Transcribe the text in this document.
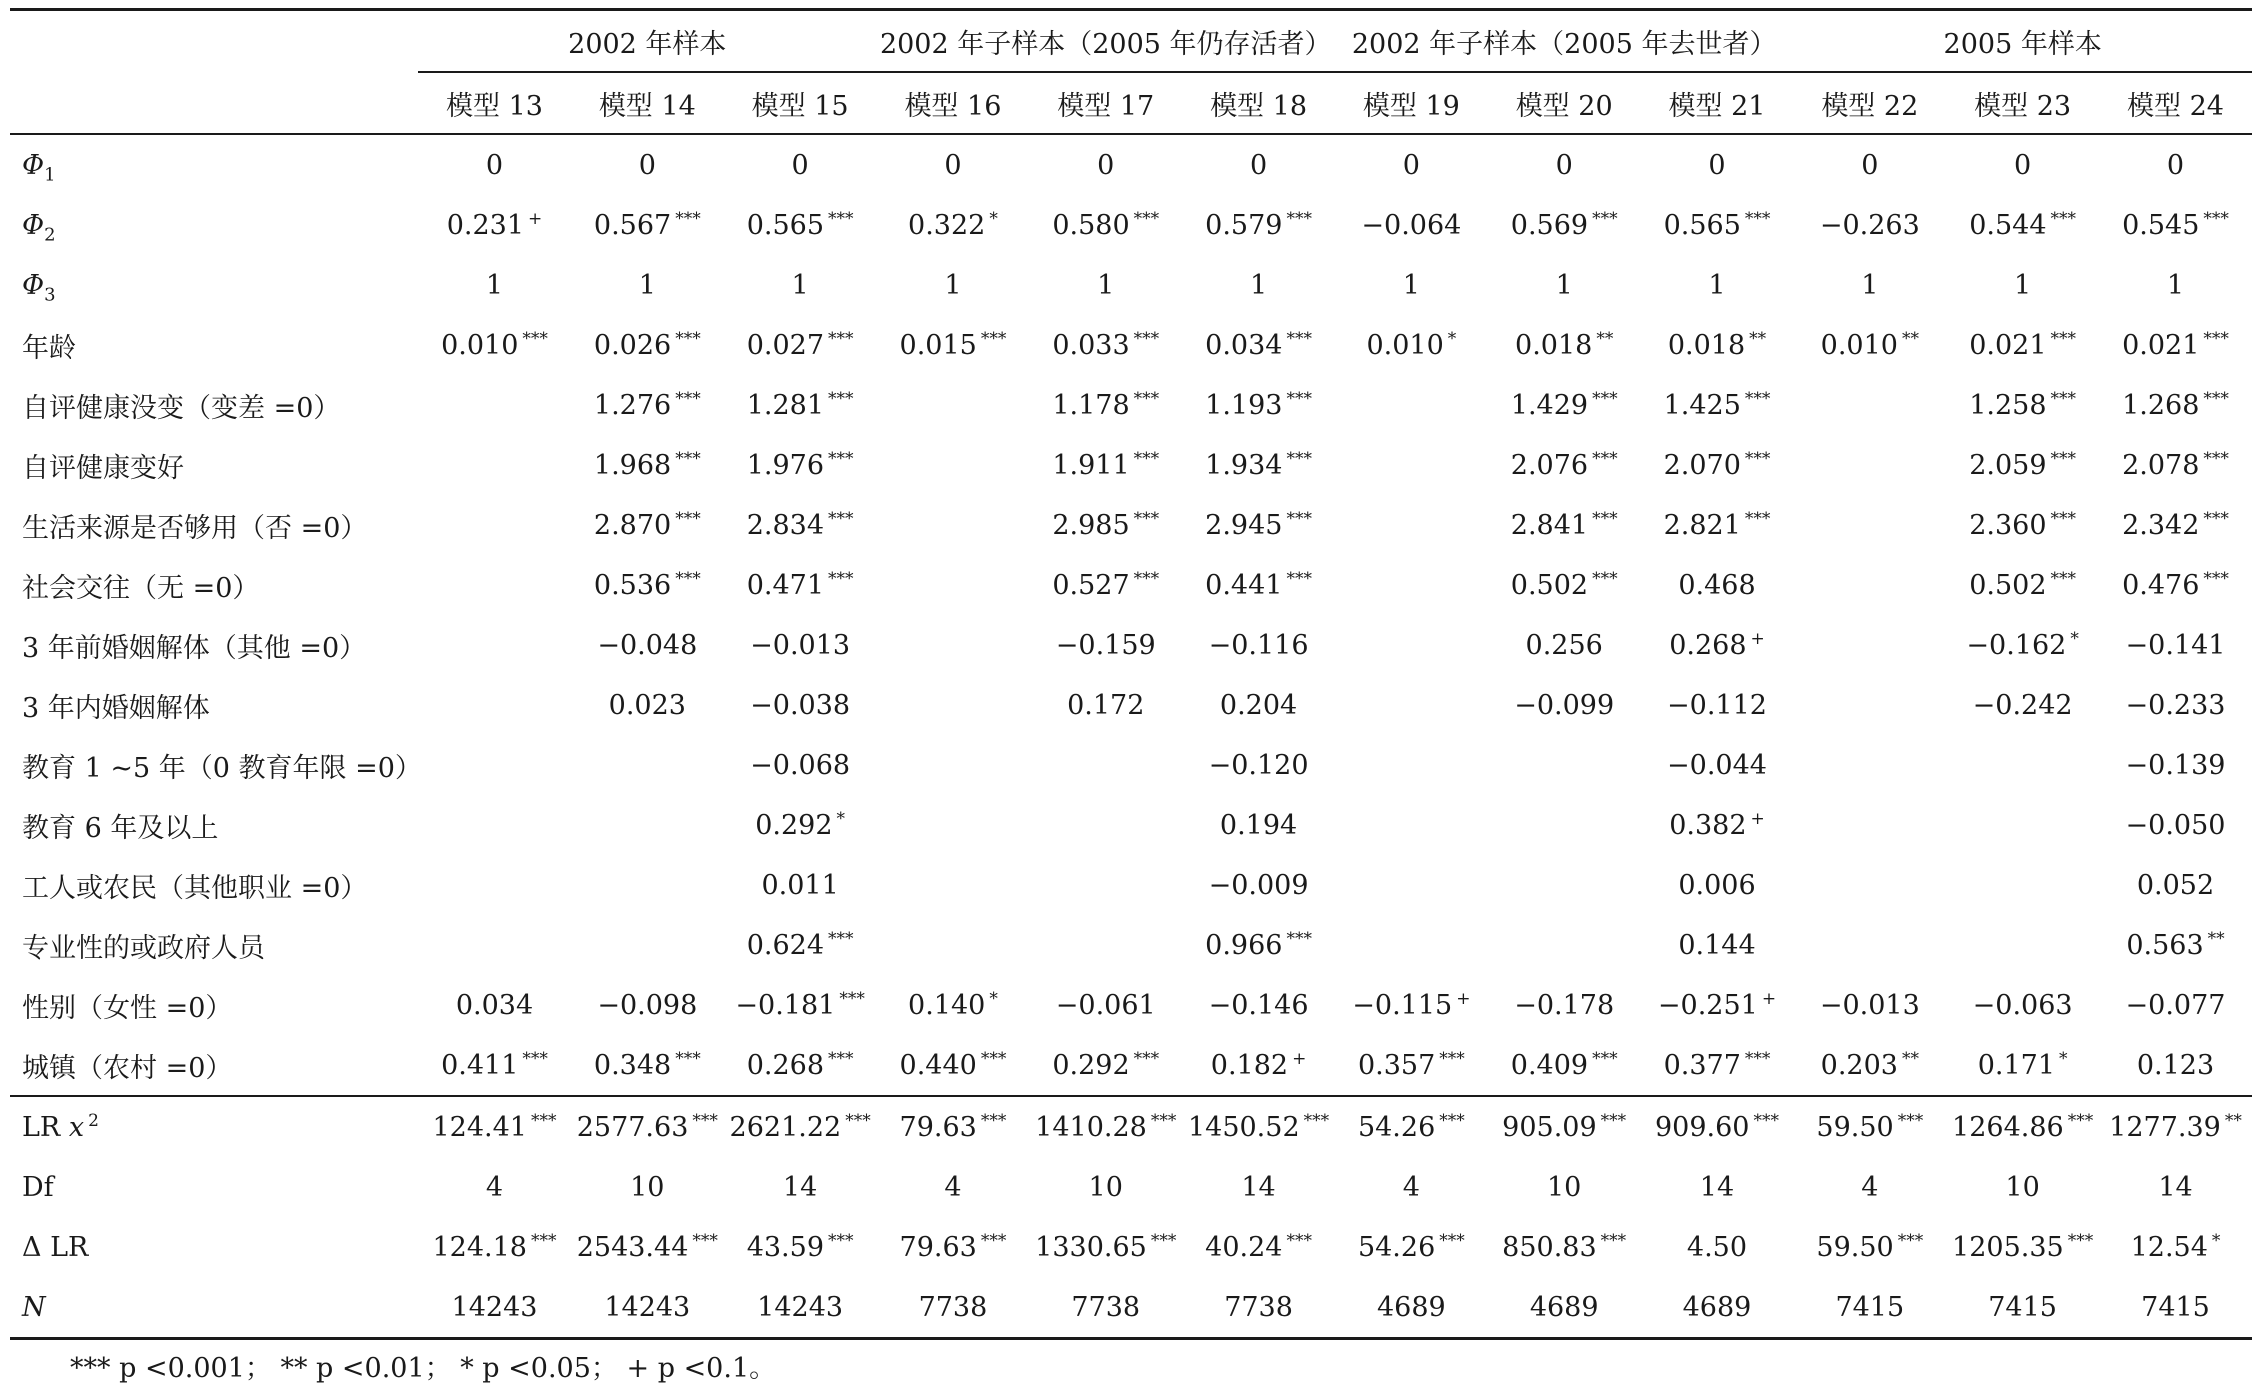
	2002 年样本			2002 年子样本（2005 年仍存活者）			2002 年子样本（2005 年去世者）			2005 年样本		
	模型 13	模型 14	模型 15	模型 16	模型 17	模型 18	模型 19	模型 20	模型 21	模型 22	模型 23	模型 24
$\Phi_1$	0	0	0	0	0	0	0	0	0	0	0	0
$\Phi_2$	0.231 +	0.567 ***	0.565 ***	0.322 *	0.580 ***	0.579 ***	−0.064	0.569 ***	0.565 ***	−0.263	0.544 ***	0.545 ***
$\Phi_3$	1	1	1	1	1	1	1	1	1	1	1	1
年龄	0.010 ***	0.026 ***	0.027 ***	0.015 ***	0.033 ***	0.034 ***	0.010 *	0.018 **	0.018 **	0.010 **	0.021 ***	0.021 ***
自评健康没变（变差 =0）		1.276 ***	1.281 ***		1.178 ***	1.193 ***		1.429 ***	1.425 ***		1.258 ***	1.268 ***
自评健康变好		1.968 ***	1.976 ***		1.911 ***	1.934 ***		2.076 ***	2.070 ***		2.059 ***	2.078 ***
生活来源是否够用（否 =0）		2.870 ***	2.834 ***		2.985 ***	2.945 ***		2.841 ***	2.821 ***		2.360 ***	2.342 ***
社会交往（无 =0）		0.536 ***	0.471 ***		0.527 ***	0.441 ***		0.502 ***	0.468		0.502 ***	0.476 ***
3 年前婚姻解体（其他 =0）		−0.048	−0.013		−0.159	−0.116		0.256	0.268 +		−0.162 *	−0.141
3 年内婚姻解体		0.023	−0.038		0.172	0.204		−0.099	−0.112		−0.242	−0.233
教育 1 ~5 年（0 教育年限 =0）			−0.068			−0.120			−0.044			−0.139
教育 6 年及以上			0.292 *			0.194			0.382 +			−0.050
工人或农民（其他职业 =0）			0.011			−0.009			0.006			0.052
专业性的或政府人员			0.624 ***			0.966 ***			0.144			0.563 **
性别（女性 =0）	0.034	−0.098	−0.181 ***	0.140 *	−0.061	−0.146	−0.115 +	−0.178	−0.251 +	−0.013	−0.063	−0.077
城镇（农村 =0）	0.411 ***	0.348 ***	0.268 ***	0.440 ***	0.292 ***	0.182 +	0.357 ***	0.409 ***	0.377 ***	0.203 **	0.171 *	0.123
LR x $^2$	124.41 ***	2577.63 ***	2621.22 ***	79.63 ***	1410.28 ***	1450.52 ***	54.26 ***	905.09 ***	909.60 ***	59.50 ***	1264.86 ***	1277.39 **
Df	4	10	14	4	10	14	4	10	14	4	10	14
Δ LR	124.18 ***	2543.44 ***	43.59 ***	79.63 ***	1330.65 ***	40.24 ***	54.26 ***	850.83 ***	4.50	59.50 ***	1205.35 ***	12.54 *
N	14243	14243	14243	7738	7738	7738	4689	4689	4689	7415	7415	7415
*** p <0.001； ** p <0.01； * p <0.05； + p <0.1。
